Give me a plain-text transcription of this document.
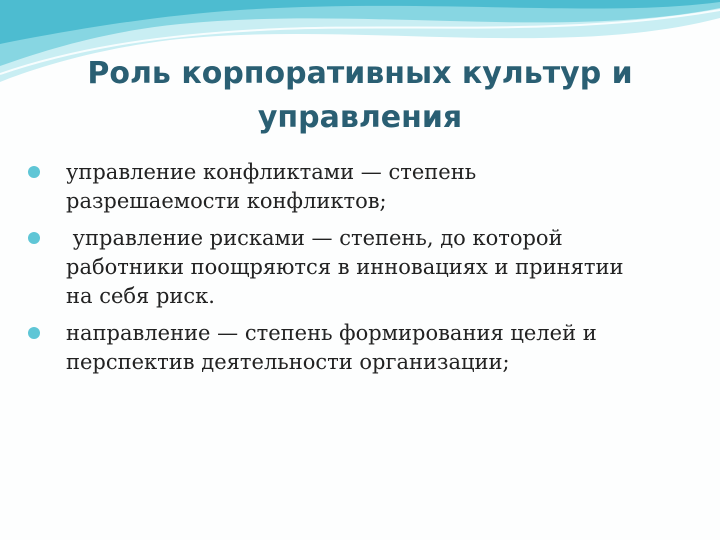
Роль корпоративных культур и
управления
управление конфликтами — степень
разрешаемости конфликтов;
управление рисками — степень, до которой
работники поощряются в инновациях и принятии
на себя риск.
направление — степень формирования целей и
перспектив деятельности организации;
